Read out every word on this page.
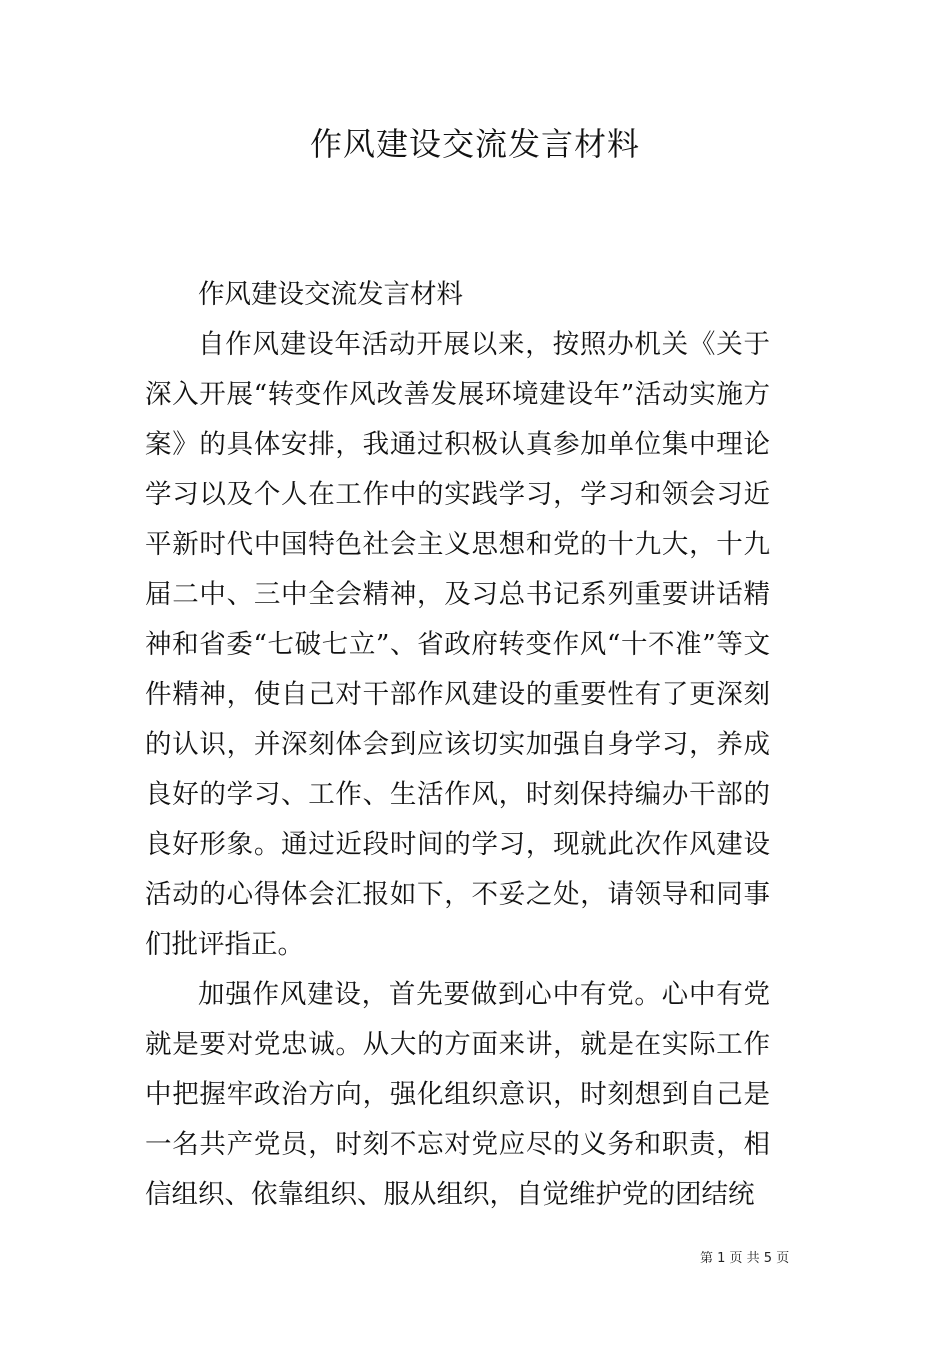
作风建设交流发言材料

作风建设交流发言材料

自作风建设年活动开展以来，按照办机关《关于深入开展“转变作风改善发展环境建设年”活动实施方案》的具体安排，我通过积极认真参加单位集中理论学习以及个人在工作中的实践学习，学习和领会习近平新时代中国特色社会主义思想和党的十九大，十九届二中、三中全会精神，及习总书记系列重要讲话精神和省委“七破七立”、省政府转变作风“十不准”等文件精神，使自己对干部作风建设的重要性有了更深刻的认识，并深刻体会到应该切实加强自身学习，养成良好的学习、工作、生活作风，时刻保持编办干部的良好形象。通过近段时间的学习，现就此次作风建设活动的心得体会汇报如下，不妥之处，请领导和同事们批评指正。

加强作风建设，首先要做到心中有党。心中有党就是要对党忠诚。从大的方面来讲，就是在实际工作中把握牢政治方向，强化组织意识，时刻想到自己是一名共产党员，时刻不忘对党应尽的义务和职责，相信组织、依靠组织、服从组织，自觉维护党的团结统

第 1 页 共 5 页
